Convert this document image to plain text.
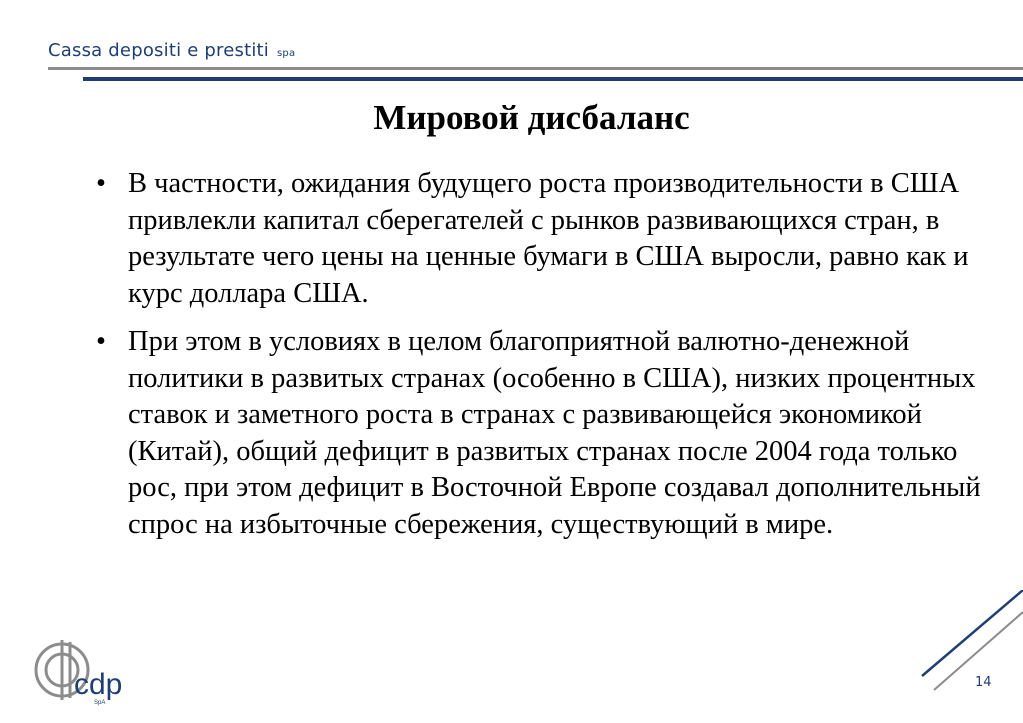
Cassa depositi e prestiti spa
Мировой дисбаланс
• В частности, ожидания будущего роста производительности в США привлекли капитал сберегателей с рынков развивающихся стран, в результате чего цены на ценные бумаги в США выросли, равно как и курс доллара США.
• При этом в условиях в целом благоприятной валютно-денежной политики в развитых странах (особенно в США), низких процентных ставок и заметного роста в странах с развивающейся экономикой (Китай), общий дефицит в развитых странах после 2004 года только рос, при этом дефицит в Восточной Европе создавал дополнительный спрос на избыточные сбережения, существующий в мире.
cdp
SpA
14
